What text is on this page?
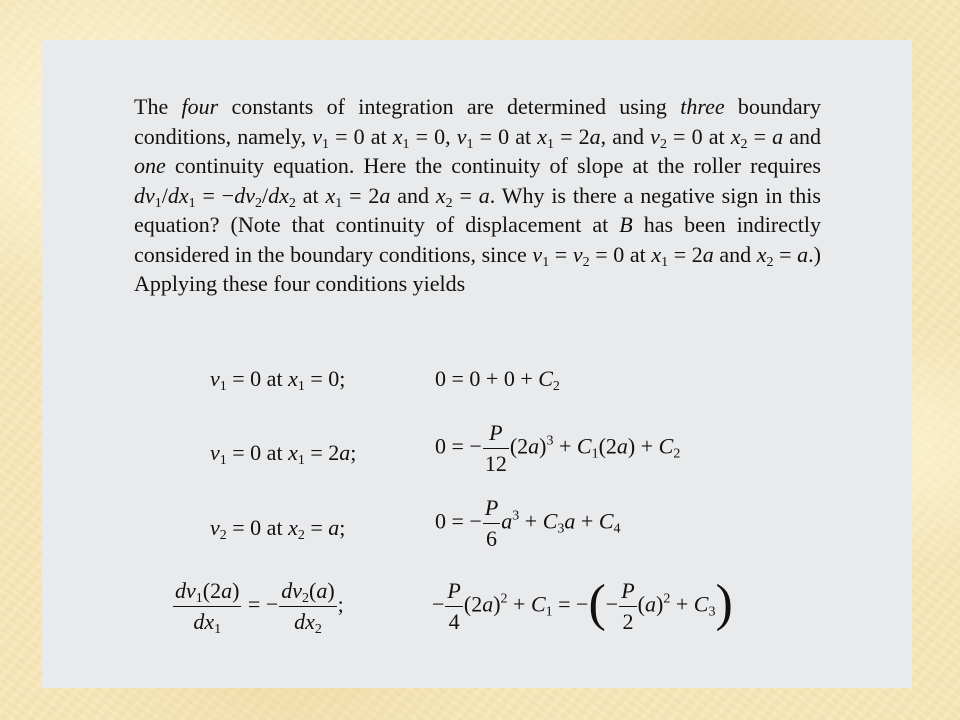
The four constants of integration are determined using three boundary conditions, namely, $v_1 = 0$ at $x_1 = 0$, $v_1 = 0$ at $x_1 = 2a$, and $v_2 = 0$ at $x_2 = a$ and one continuity equation. Here the continuity of slope at the roller requires $dv_1/dx_1 = -dv_2/dx_2$ at $x_1 = 2a$ and $x_2 = a$. Why is there a negative sign in this equation? (Note that continuity of displacement at B has been indirectly considered in the boundary conditions, since $v_1 = v_2 = 0$ at $x_1 = 2a$ and $x_2 = a$.) Applying these four conditions yields

$v_1 = 0$ at $x_1 = 0$;	$0 = 0 + 0 + C_2$
$v_1 = 0$ at $x_1 = 2a$;	0 = − $\frac{P}{12} (2a)^3 + C_1(2a) + C_2$
$v_2 = 0$ at $x_2 = a$;	0 = − $\frac{P}{6} a^3 + C_3a + C_4$
$\frac{dv_1(2a)}{dx_1}$ = − $\frac{dv_2(a)}{dx_2}$ ;	− $\frac{P}{4} (2a)^2 + C_1$ = −(− $\frac{P}{2} (a)^2 + C_3$)
